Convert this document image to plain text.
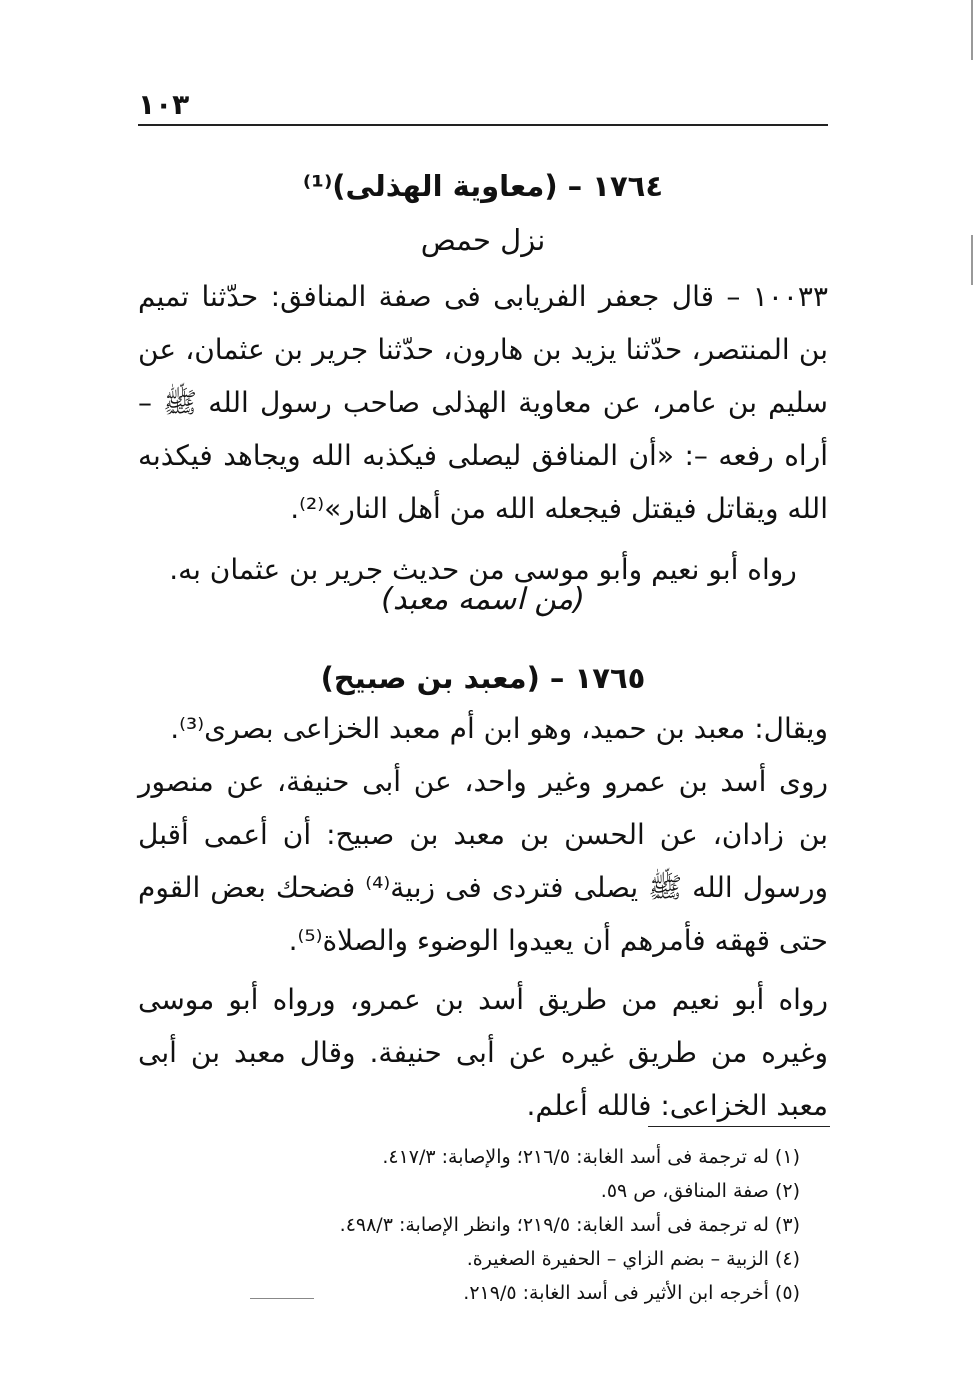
١٠٣
١٧٦٤ – (معاوية الهذلى)⁽¹⁾
نزل حمص

١٠٠٣٣ – قال جعفر الفريابى فى صفة المنافق: حدّثنا تميم بن المنتصر، حدّثنا يزيد بن هارون، حدّثنا جرير بن عثمان، عن سليم بن عامر، عن معاوية الهذلى صاحب رسول الله ﷺ – أراه رفعه –: «أن المنافق ليصلى فيكذبه الله ويجاهد فيكذبه الله ويقاتل فيقتل فيجعله الله من أهل النار»⁽²⁾.

رواه أبو نعيم وأبو موسى من حديث جرير بن عثمان به.

(من اسمه معبد)
١٧٦٥ – (معبد بن صبيح)

ويقال: معبد بن حميد، وهو ابن أم معبد الخزاعى بصرى⁽³⁾.

روى أسد بن عمرو وغير واحد، عن أبى حنيفة، عن منصور بن زادان، عن الحسن بن معبد بن صبيح: أن أعمى أقبل ورسول الله ﷺ يصلى فتردى فى زبية⁽⁴⁾ فضحك بعض القوم حتى قهقه فأمرهم أن يعيدوا الوضوء والصلاة⁽⁵⁾.

رواه أبو نعيم من طريق أسد بن عمرو، ورواه أبو موسى وغيره من طريق غيره عن أبى حنيفة. وقال معبد بن أبى معبد الخزاعى: فالله أعلم.

(١) له ترجمة فى أسد الغابة: ٢١٦/٥؛ والإصابة: ٤١٧/٣.

(٢) صفة المنافق، ص ٥٩.

(٣) له ترجمة فى أسد الغابة: ٢١٩/٥؛ وانظر الإصابة: ٤٩٨/٣.

(٤) الزبية – بضم الزاي – الحفيرة الصغيرة.

(٥) أخرجه ابن الأثير فى أسد الغابة: ٢١٩/٥.
